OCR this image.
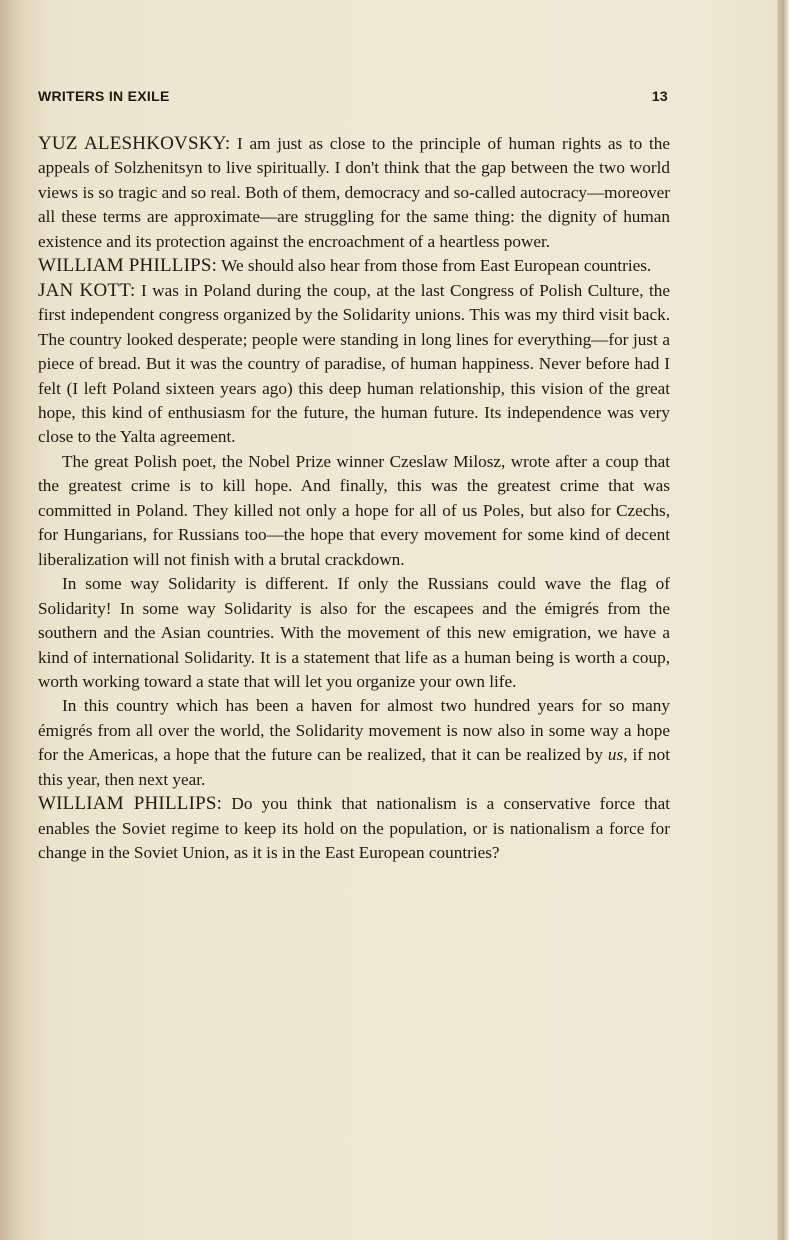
WRITERS IN EXILE	13

YUZ ALESHKOVSKY: I am just as close to the principle of human rights as to the appeals of Solzhenitsyn to live spiritually. I don't think that the gap between the two world views is so tragic and so real. Both of them, democracy and so-called autocracy—moreover all these terms are approximate—are struggling for the same thing: the dignity of human existence and its protection against the encroachment of a heartless power.

WILLIAM PHILLIPS: We should also hear from those from East European countries.

JAN KOTT: I was in Poland during the coup, at the last Congress of Polish Culture, the first independent congress organized by the Solidarity unions. This was my third visit back. The country looked desperate; people were standing in long lines for everything—for just a piece of bread. But it was the country of paradise, of human happiness. Never before had I felt (I left Poland sixteen years ago) this deep human relationship, this vision of the great hope, this kind of enthusiasm for the future, the human future. Its independence was very close to the Yalta agreement.

The great Polish poet, the Nobel Prize winner Czeslaw Milosz, wrote after a coup that the greatest crime is to kill hope. And finally, this was the greatest crime that was committed in Poland. They killed not only a hope for all of us Poles, but also for Czechs, for Hungarians, for Russians too—the hope that every movement for some kind of decent liberalization will not finish with a brutal crackdown.

In some way Solidarity is different. If only the Russians could wave the flag of Solidarity! In some way Solidarity is also for the escapees and the émigrés from the southern and the Asian countries. With the movement of this new emigration, we have a kind of international Solidarity. It is a statement that life as a human being is worth a coup, worth working toward a state that will let you organize your own life.

In this country which has been a haven for almost two hundred years for so many émigrés from all over the world, the Solidarity movement is now also in some way a hope for the Americas, a hope that the future can be realized, that it can be realized by us, if not this year, then next year.

WILLIAM PHILLIPS: Do you think that nationalism is a conservative force that enables the Soviet regime to keep its hold on the population, or is nationalism a force for change in the Soviet Union, as it is in the East European countries?
